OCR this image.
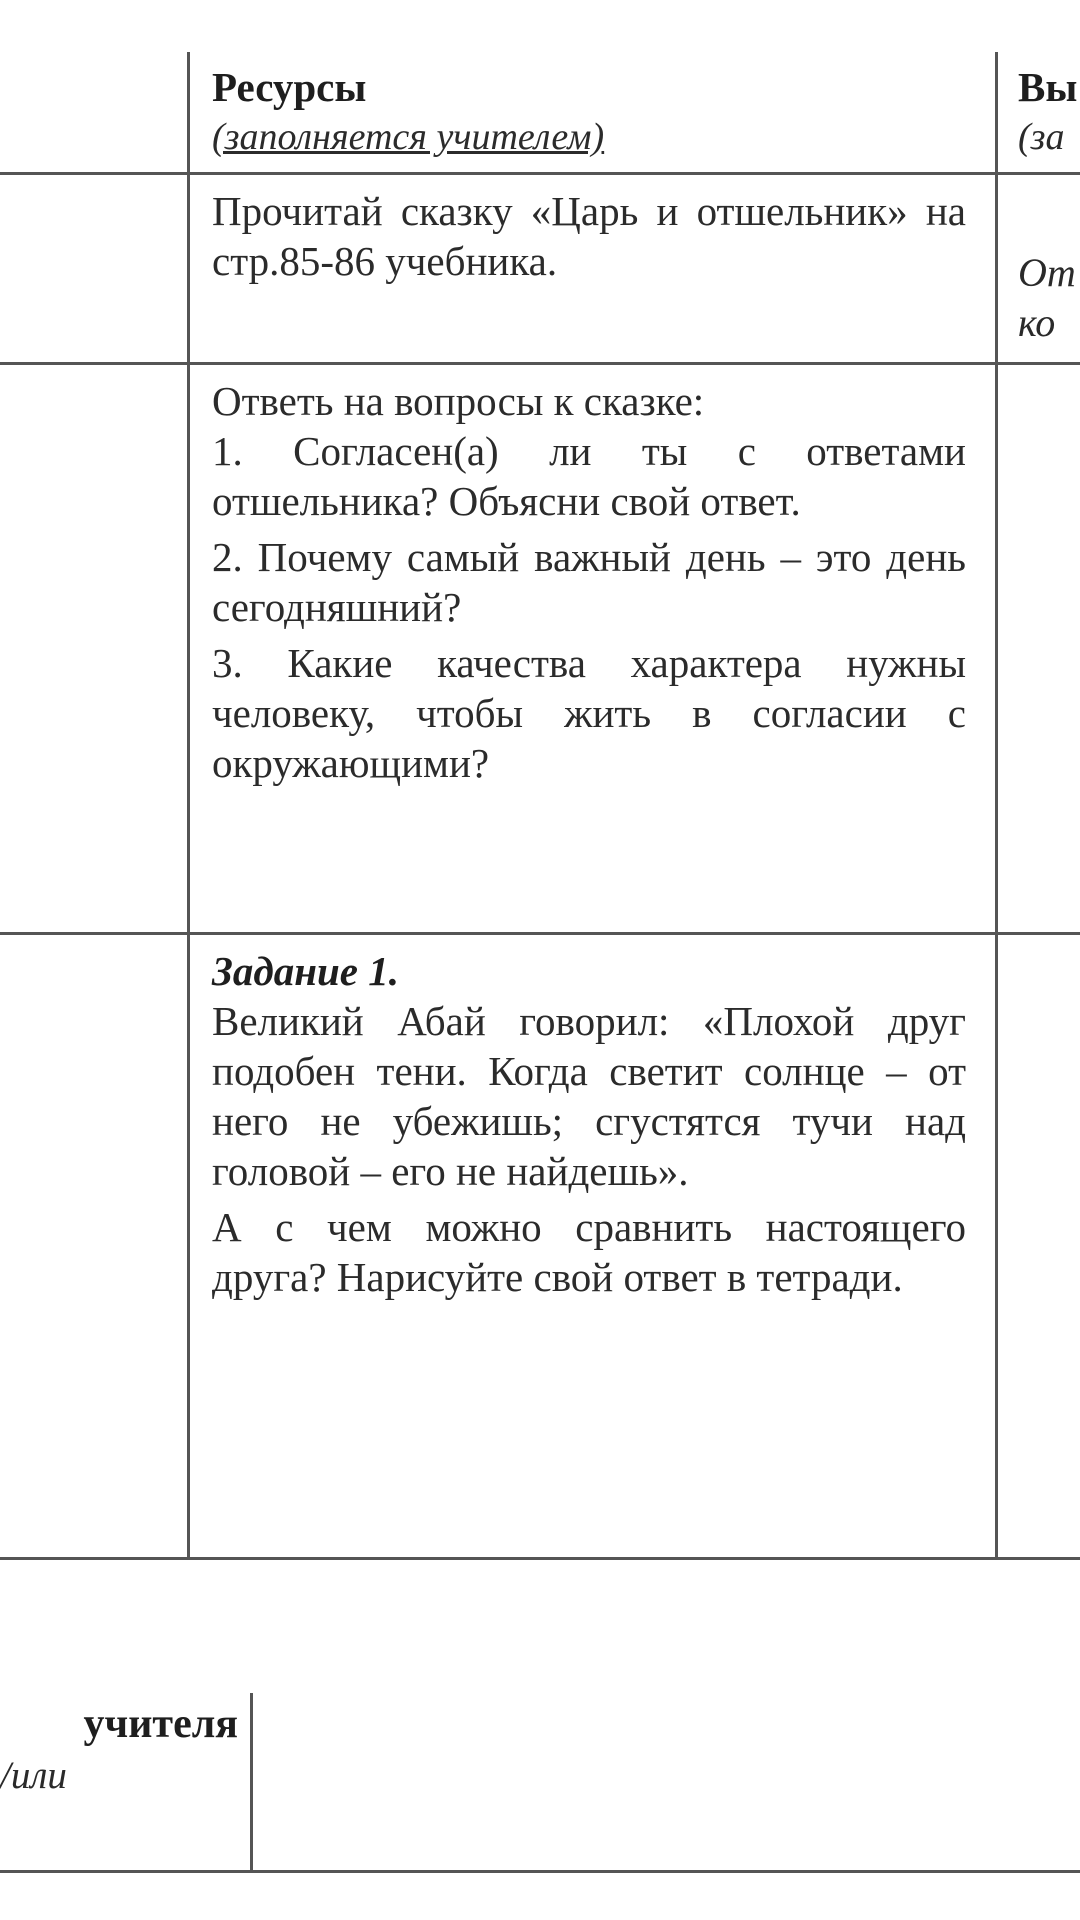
Ресурсы

(заполняется учителем)

Вы

(за

Прочитай сказку «Царь и отшельник» на стр.85-86 учебника.	От

ко

Ответь на вопросы к сказке:

1. Согласен(а) ли ты с ответами отшельника? Объясни свой ответ.

2. Почему самый важный день – это день сегодняшний?

3. Какие качества характера нужны человеку, чтобы жить в согласии с окружающими?

Задание 1.

Великий Абай говорил: «Плохой друг подобен тени. Когда светит солнце – от него не убежишь; сгустятся тучи над головой – его не найдешь».

А с чем можно сравнить настоящего друга? Нарисуйте свой ответ в тетради.

учителя

/или
